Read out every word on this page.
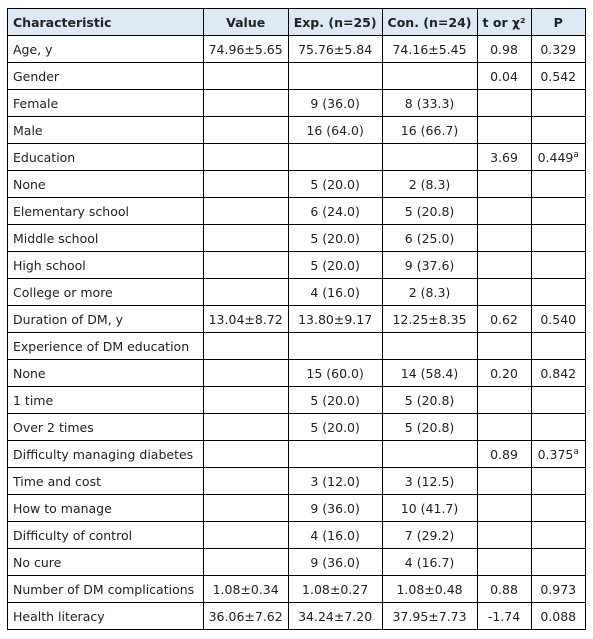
Characteristic	Value	Exp. (n=25)	Con. (n=24)	t or χ²	P
Age, y	74.96±5.65	75.76±5.84	74.16±5.45	0.98	0.329
Gender				0.04	0.542
Female		9 (36.0)	8 (33.3)		
Male		16 (64.0)	16 (66.7)		
Education				3.69	0.449$^a$
None		5 (20.0)	2 (8.3)		
Elementary school		6 (24.0)	5 (20.8)		
Middle school		5 (20.0)	6 (25.0)		
High school		5 (20.0)	9 (37.6)		
College or more		4 (16.0)	2 (8.3)		
Duration of DM, y	13.04±8.72	13.80±9.17	12.25±8.35	0.62	0.540
Experience of DM education					
None		15 (60.0)	14 (58.4)	0.20	0.842
1 time		5 (20.0)	5 (20.8)		
Over 2 times		5 (20.0)	5 (20.8)		
Difficulty managing diabetes				0.89	0.375$^a$
Time and cost		3 (12.0)	3 (12.5)		
How to manage		9 (36.0)	10 (41.7)		
Difficulty of control		4 (16.0)	7 (29.2)		
No cure		9 (36.0)	4 (16.7)		
Number of DM complications	1.08±0.34	1.08±0.27	1.08±0.48	0.88	0.973
Health literacy	36.06±7.62	34.24±7.20	37.95±7.73	-1.74	0.088
